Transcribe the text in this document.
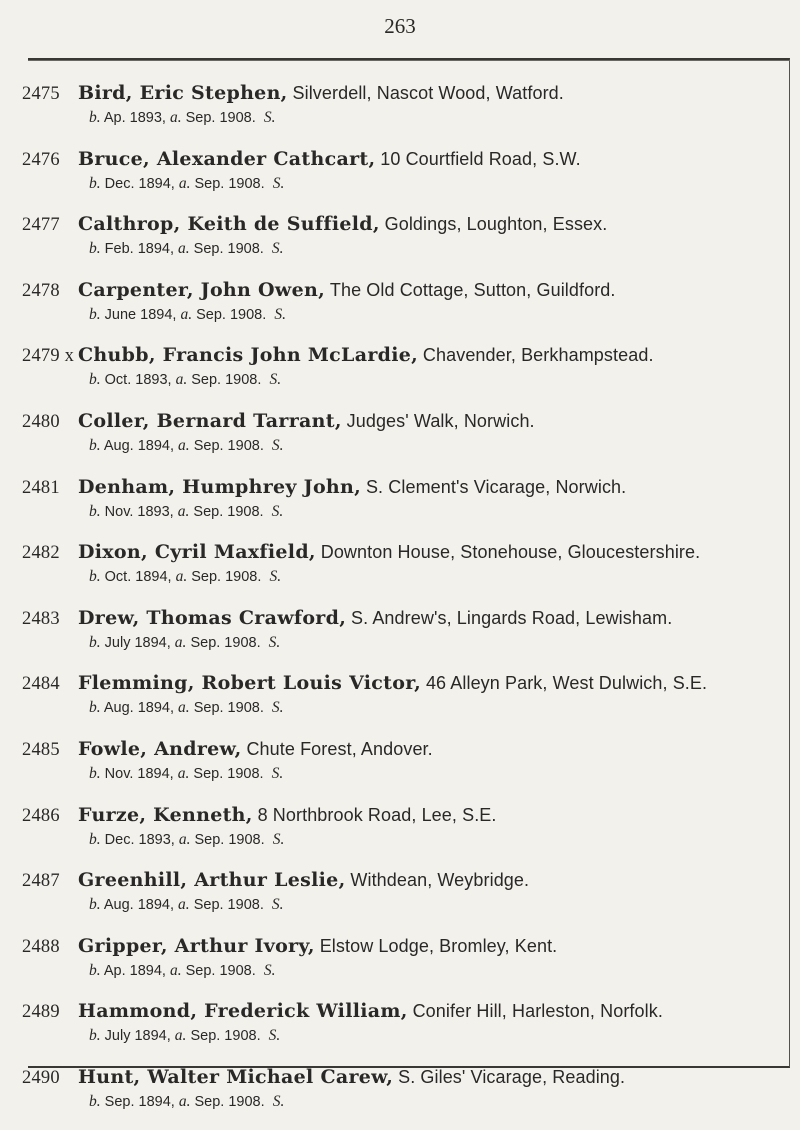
263
2475 Bird, Eric Stephen,
Silverdell, Nascot Wood, Watford.
b. Ap. 1893, a. Sep. 1908. S.
2476 Bruce, Alexander Cathcart,
10 Courtfield Road, S.W.
b. Dec. 1894, a. Sep. 1908. S.
2477 Calthrop, Keith de Suffield,
Goldings, Loughton, Essex.
b. Feb. 1894, a. Sep. 1908. S.
2478 Carpenter, John Owen,
The Old Cottage, Sutton, Guildford.
b. June 1894, a. Sep. 1908. S.
2479 x Chubb, Francis John McLardie,
Chavender, Berkhampstead.
b. Oct. 1893, a. Sep. 1908. S.
2480 Coller, Bernard Tarrant,
Judges' Walk, Norwich.
b. Aug. 1894, a. Sep. 1908. S.
2481 Denham, Humphrey John,
S. Clement's Vicarage, Norwich.
b. Nov. 1893, a. Sep. 1908. S.
2482 Dixon, Cyril Maxfield,
Downton House, Stonehouse, Gloucestershire.
b. Oct. 1894, a. Sep. 1908. S.
2483 Drew, Thomas Crawford,
S. Andrew's, Lingards Road, Lewisham.
b. July 1894, a. Sep. 1908. S.
2484 Flemming, Robert Louis Victor,
46 Alleyn Park, West Dulwich, S.E.
b. Aug. 1894, a. Sep. 1908. S.
2485 Fowle, Andrew,
Chute Forest, Andover.
b. Nov. 1894, a. Sep. 1908. S.
2486 Furze, Kenneth,
8 Northbrook Road, Lee, S.E.
b. Dec. 1893, a. Sep. 1908. S.
2487 Greenhill, Arthur Leslie,
Withdean, Weybridge.
b. Aug. 1894, a. Sep. 1908. S.
2488 Gripper, Arthur Ivory,
Elstow Lodge, Bromley, Kent.
b. Ap. 1894, a. Sep. 1908. S.
2489 Hammond, Frederick William,
Conifer Hill, Harleston, Norfolk.
b. July 1894, a. Sep. 1908. S.
2490 Hunt, Walter Michael Carew,
S. Giles' Vicarage, Reading.
b. Sep. 1894, a. Sep. 1908. S.
